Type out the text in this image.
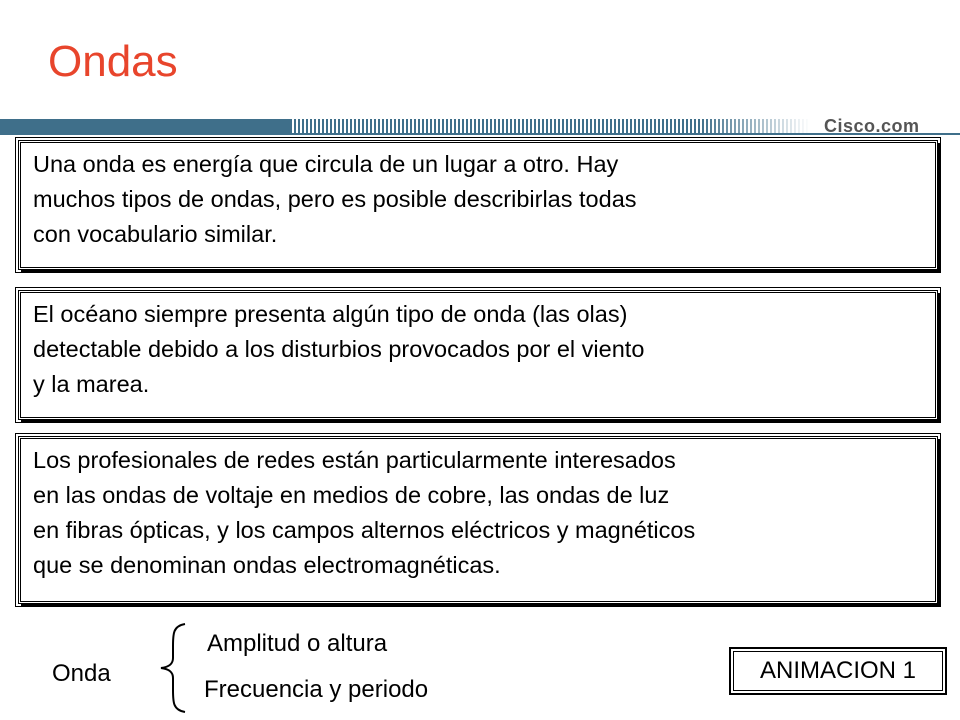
Ondas
Cisco.com
Una onda es energía que circula de un lugar a otro. Hay
muchos tipos de ondas, pero es posible describirlas todas
con vocabulario similar.
El océano siempre presenta algún tipo de onda (las olas)
detectable debido a los disturbios provocados por el viento
y la marea.
Los profesionales de redes están particularmente interesados
en las ondas de voltaje en medios de cobre, las ondas de luz
en fibras ópticas, y los campos alternos eléctricos y magnéticos
que se denominan ondas electromagnéticas.
Onda
Amplitud o altura
Frecuencia y periodo
ANIMACION 1
